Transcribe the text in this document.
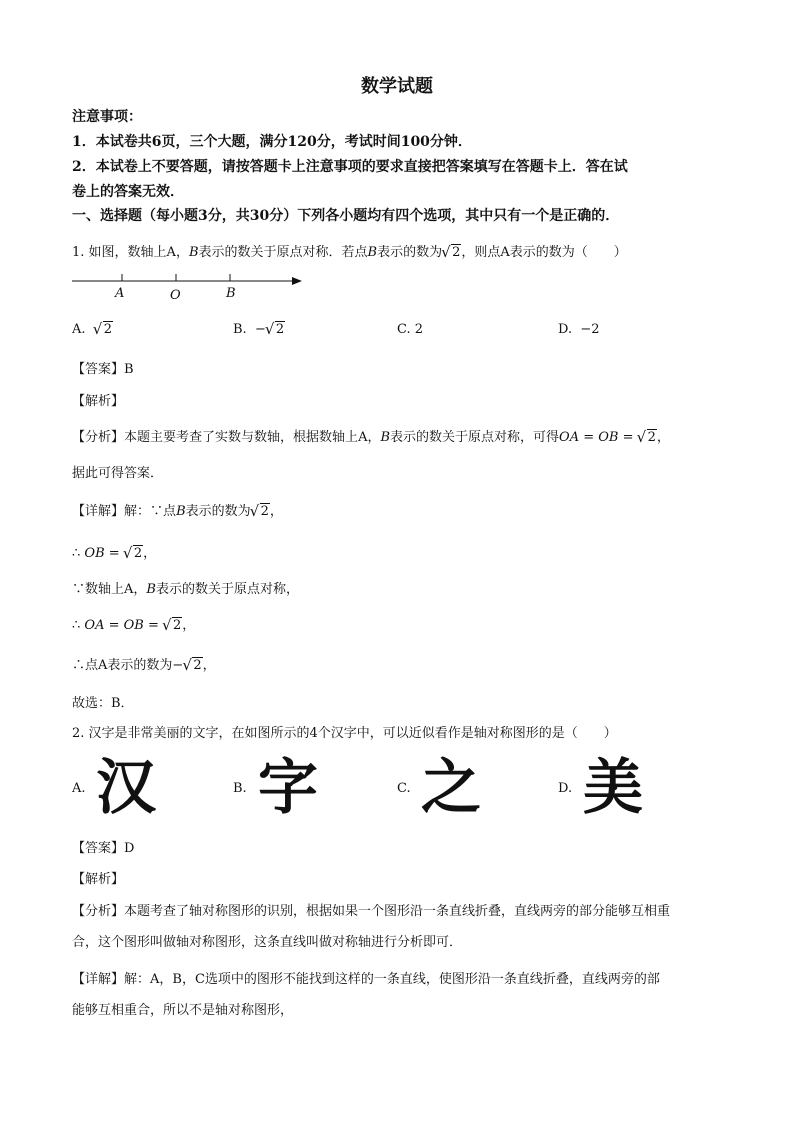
数学试题
注意事项：
1．本试卷共6页，三个大题，满分120分，考试时间100分钟．
2．本试卷上不要答题，请按答题卡上注意事项的要求直接把答案填写在答题卡上．答在试
卷上的答案无效．
一、选择题（每小题3分，共30分）下列各小题均有四个选项，其中只有一个是正确的．
1. 如图，数轴上A，B表示的数关于原点对称．若点B表示的数为 √ 2，则点A表示的数为（　　）
A	O	B
A. √ 2	B. − √ 2	C. 2	D. −2
【 答案 】 B
【 解析 】
【 分析 】 本题主要考查了实数与数轴，根据数轴上A，B表示的数关于原点对称，可得OA = OB = √ 2，
据此可得答案．
【 详解 】 解：∵点B表示的数为 √ 2，
∴ OB = √ 2，
∵数轴上A，B表示的数关于原点对称，
∴ OA = OB = √ 2，
∴点A表示的数为− √ 2，
故选：B．
2. 汉字是非常美丽的文字，在如图所示的4个汉字中，可以近似看作是轴对称图形的是（　　）
A. 汉	B. 字	C. 之	D. 美
【 答案 】 D
【 解析 】
【 分析 】 本题考查了轴对称图形的识别，根据如果一个图形沿一条直线折叠，直线两旁的部分能够互相重
合，这个图形叫做轴对称图形，这条直线叫做对称轴进行分析即可．
【 详解 】 解：A，B，C选项中的图形不能找到这样的一条直线，使图形沿一条直线折叠，直线两旁的部
能够互相重合，所以不是轴对称图形，
